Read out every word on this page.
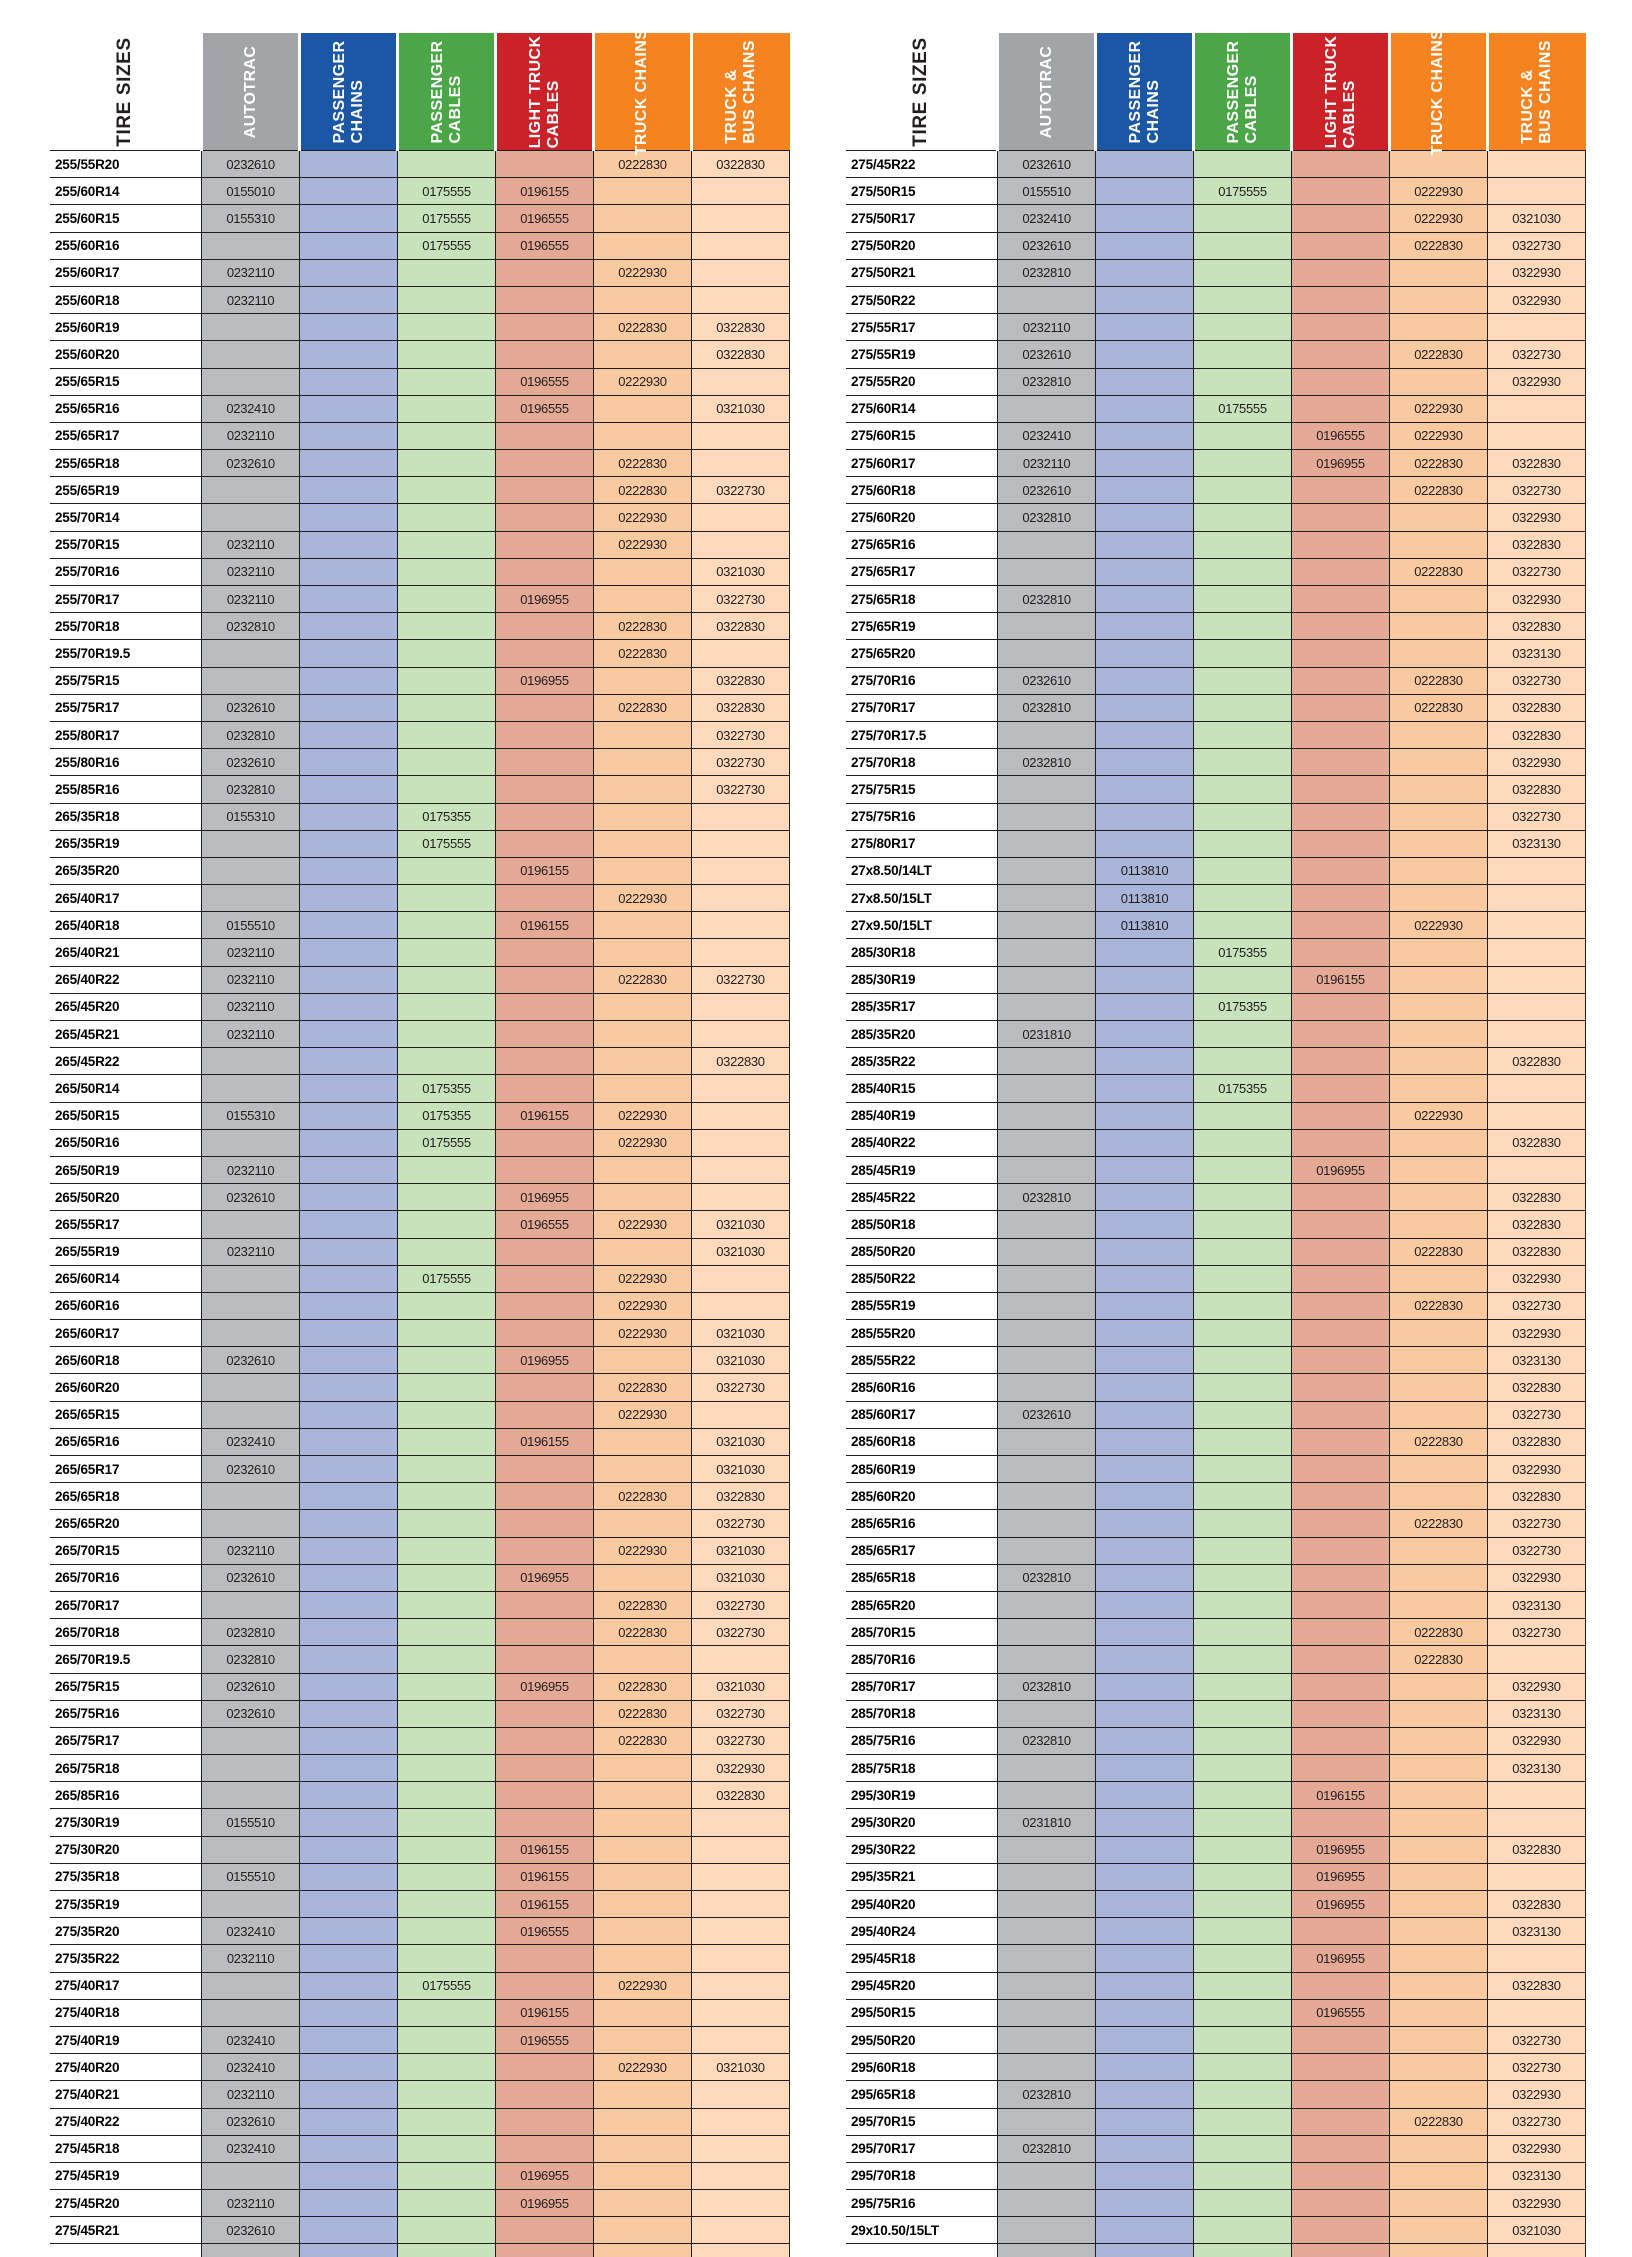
TIRE SIZES	AUTOTRAC	PASSENGER
CHAINS	PASSENGER
CABLES	LIGHT TRUCK
CABLES	TRUCK CHAINS	TRUCK &
BUS CHAINS

255/55R20	0232610				0222830	0322830
255/60R14	0155010		0175555	0196155		
255/60R15	0155310		0175555	0196555		
255/60R16			0175555	0196555		
255/60R17	0232110				0222930	
255/60R18	0232110					
255/60R19					0222830	0322830
255/60R20						0322830
255/65R15				0196555	0222930	
255/65R16	0232410			0196555		0321030
255/65R17	0232110					
255/65R18	0232610				0222830	
255/65R19					0222830	0322730
255/70R14					0222930	
255/70R15	0232110				0222930	
255/70R16	0232110					0321030
255/70R17	0232110			0196955		0322730
255/70R18	0232810				0222830	0322830
255/70R19.5					0222830	
255/75R15				0196955		0322830
255/75R17	0232610				0222830	0322830
255/80R17	0232810					0322730
255/80R16	0232610					0322730
255/85R16	0232810					0322730
265/35R18	0155310		0175355			
265/35R19			0175555			
265/35R20				0196155		
265/40R17					0222930	
265/40R18	0155510			0196155		
265/40R21	0232110					
265/40R22	0232110				0222830	0322730
265/45R20	0232110					
265/45R21	0232110					
265/45R22						0322830
265/50R14			0175355			
265/50R15	0155310		0175355	0196155	0222930	
265/50R16			0175555		0222930	
265/50R19	0232110					
265/50R20	0232610			0196955		
265/55R17				0196555	0222930	0321030
265/55R19	0232110					0321030
265/60R14			0175555		0222930	
265/60R16					0222930	
265/60R17					0222930	0321030
265/60R18	0232610			0196955		0321030
265/60R20					0222830	0322730
265/65R15					0222930	
265/65R16	0232410			0196155		0321030
265/65R17	0232610					0321030
265/65R18					0222830	0322830
265/65R20						0322730
265/70R15	0232110				0222930	0321030
265/70R16	0232610			0196955		0321030
265/70R17					0222830	0322730
265/70R18	0232810				0222830	0322730
265/70R19.5	0232810					
265/75R15	0232610			0196955	0222830	0321030
265/75R16	0232610				0222830	0322730
265/75R17					0222830	0322730
265/75R18						0322930
265/85R16						0322830
275/30R19	0155510					
275/30R20				0196155		
275/35R18	0155510			0196155		
275/35R19				0196155		
275/35R20	0232410			0196555		
275/35R22	0232110					
275/40R17			0175555		0222930	
275/40R18				0196155		
275/40R19	0232410			0196555		
275/40R20	0232410				0222930	0321030
275/40R21	0232110					
275/40R22	0232610					
275/45R18	0232410					
275/45R19				0196955		
275/45R20	0232110			0196955		
275/45R21	0232610					

TIRE SIZES	AUTOTRAC	PASSENGER
CHAINS	PASSENGER
CABLES	LIGHT TRUCK
CABLES	TRUCK CHAINS	TRUCK &
BUS CHAINS

275/45R22	0232610					
275/50R15	0155510		0175555		0222930	
275/50R17	0232410				0222930	0321030
275/50R20	0232610				0222830	0322730
275/50R21	0232810					0322930
275/50R22						0322930
275/55R17	0232110					
275/55R19	0232610				0222830	0322730
275/55R20	0232810					0322930
275/60R14			0175555		0222930	
275/60R15	0232410			0196555	0222930	
275/60R17	0232110			0196955	0222830	0322830
275/60R18	0232610				0222830	0322730
275/60R20	0232810					0322930
275/65R16						0322830
275/65R17					0222830	0322730
275/65R18	0232810					0322930
275/65R19						0322830
275/65R20						0323130
275/70R16	0232610				0222830	0322730
275/70R17	0232810				0222830	0322830
275/70R17.5						0322830
275/70R18	0232810					0322930
275/75R15						0322830
275/75R16						0322730
275/80R17						0323130
27x8.50/14LT		0113810				
27x8.50/15LT		0113810				
27x9.50/15LT		0113810			0222930	
285/30R18			0175355			
285/30R19				0196155		
285/35R17			0175355			
285/35R20	0231810					
285/35R22						0322830
285/40R15			0175355			
285/40R19					0222930	
285/40R22						0322830
285/45R19				0196955		
285/45R22	0232810					0322830
285/50R18						0322830
285/50R20					0222830	0322830
285/50R22						0322930
285/55R19					0222830	0322730
285/55R20						0322930
285/55R22						0323130
285/60R16						0322830
285/60R17	0232610					0322730
285/60R18					0222830	0322830
285/60R19						0322930
285/60R20						0322830
285/65R16					0222830	0322730
285/65R17						0322730
285/65R18	0232810					0322930
285/65R20						0323130
285/70R15					0222830	0322730
285/70R16					0222830	
285/70R17	0232810					0322930
285/70R18						0323130
285/75R16	0232810					0322930
285/75R18						0323130
295/30R19				0196155		
295/30R20	0231810					
295/30R22				0196955		0322830
295/35R21				0196955		
295/40R20				0196955		0322830
295/40R24						0323130
295/45R18				0196955		
295/45R20						0322830
295/50R15				0196555		
295/50R20						0322730
295/60R18						0322730
295/65R18	0232810					0322930
295/70R15					0222830	0322730
295/70R17	0232810					0322930
295/70R18						0323130
295/75R16						0322930
29x10.50/15LT						0321030
